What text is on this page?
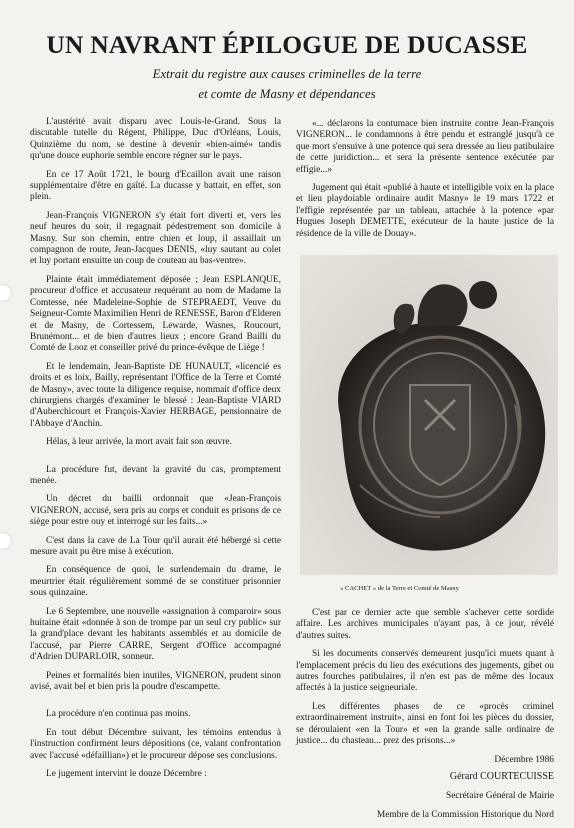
UN NAVRANT ÉPILOGUE DE DUCASSE
Extrait du registre aux causes criminelles de la terre
et comte de Masny et dépendances

L'austérité avait disparu avec Louis-le-Grand. Sous la discutable tutelle du Régent, Philippe, Duc d'Orléans, Louis, Quinzième du nom, se destine à devenir «bien-aimé» tandis qu'une douce euphorie semble encore régner sur le pays.

En ce 17 Août 1721, le bourg d'Ecaillon avait une raison supplémentaire d'être en gaîté. La ducasse y battait, en effet, son plein.

Jean-François VIGNERON s'y était fort diverti et, vers les neuf heures du soir, il regagnait pédestrement son domicile à Masny. Sur son chemin, entre chien et loup, il assaillait un compagnon de route, Jean-Jacques DENIS, «luy sautant au colet et luy portant ensuitte un coup de couteau au bas-ventre».

Plainte était immédiatement déposée ; Jean ESPLANQUE, procureur d'office et accusateur requérant au nom de Madame la Comtesse, née Madeleine-Sophie de STEPRAEDT, Veuve du Seigneur-Comte Maximilien Henri de RENESSE, Baron d'Elderen et de Masny, de Cortessem, Lewarde, Wasnes, Roucourt, Brunémont... et de bien d'autres lieux ; encore Grand Bailli du Comté de Looz et conseiller privé du prince-évêque de Liège !

Et le lendemain, Jean-Baptiste DE HUNAULT, «licencié es droits et es loix, Bailly, représentant l'Office de la Terre et Comté de Masny», avec toute la diligence requise, nommait d'office deux chirurgiens chargés d'examiner le blessé : Jean-Baptiste VIARD d'Auberchicourt et François-Xavier HERBAGE, pensionnaire de l'Abbaye d'Anchin.

Hélas, à leur arrivée, la mort avait fait son œuvre.

La procédure fut, devant la gravité du cas, promptement menée.

Un décret du bailli ordonnait que «Jean-François VIGNERON, accusé, sera pris au corps et conduit es prisons de ce siège pour estre ouy et interrogé sur les faits...»

C'est dans la cave de La Tour qu'il aurait été hébergé si cette mesure avait pu être mise à exécution.

En conséquence de quoi, le surlendemain du drame, le meurtrier était régulièrement sommé de se constituer prisonnier sous quinzaine.

Le 6 Septembre, une nouvelle «assignation à comparoir» sous huitaine était «donnée à son de trompe par un seul cry public» sur la grand'place devant les habitants assemblés et au domicile de l'accusé, par Pierre CARRE, Sergent d'Office accompagné d'Adrien DUPARLOIR, sonneur.

Peines et formalités bien inutiles, VIGNERON, prudent sinon avisé, avait bel et bien pris la poudre d'escampette.

La procédure n'en continua pas moins.

En tout début Décembre suivant, les témoins entendus à l'instruction confirment leurs dépositions (ce, valant confrontation avec l'accusé «défaillian») et le procureur dépose ses conclusions.

Le jugement intervint le douze Décembre :

«... déclarons la contumace bien instruite contre Jean-François VIGNERON... le condamnons à être pendu et estranglé jusqu'à ce que mort s'ensuive à une potence qui sera dressée au lieu patibulaire de cette juridiction... et sera la présente sentence exécutée par effigie...»

Jugement qui était «publié à haute et intelligible voix en la place et lieu playdoiable ordinaire audit Masny» le 19 mars 1722 et l'effigie représentée par un tableau, attachée à la potence «par Hugues Joseph DEMETTE, exécuteur de la haute justice de la résidence de la ville de Douay».

« CACHET » de la Terre et Comté de Masny

C'est par ce dernier acte que semble s'achever cette sordide affaire. Les archives municipales n'ayant pas, à ce jour, révélé d'autres suites.

Si les documents conservés demeurent jusqu'ici muets quant à l'emplacement précis du lieu des exécutions des jugements, gibet ou autres fourches patibulaires, il n'en est pas de même des locaux affectés à la justice seigneuriale.

Les différentes phases de ce «procès criminel extraordinairement instruit», ainsi en font foi les pièces du dossier, se déroulaient «en la Tour» et «en la grande salle ordinaire de justice... du chasteau... prez des prisons...»

Décembre 1986

Gérard COURTECUISSE

Secrétaire Général de Mairie

Membre de la Commission Historique du Nord
